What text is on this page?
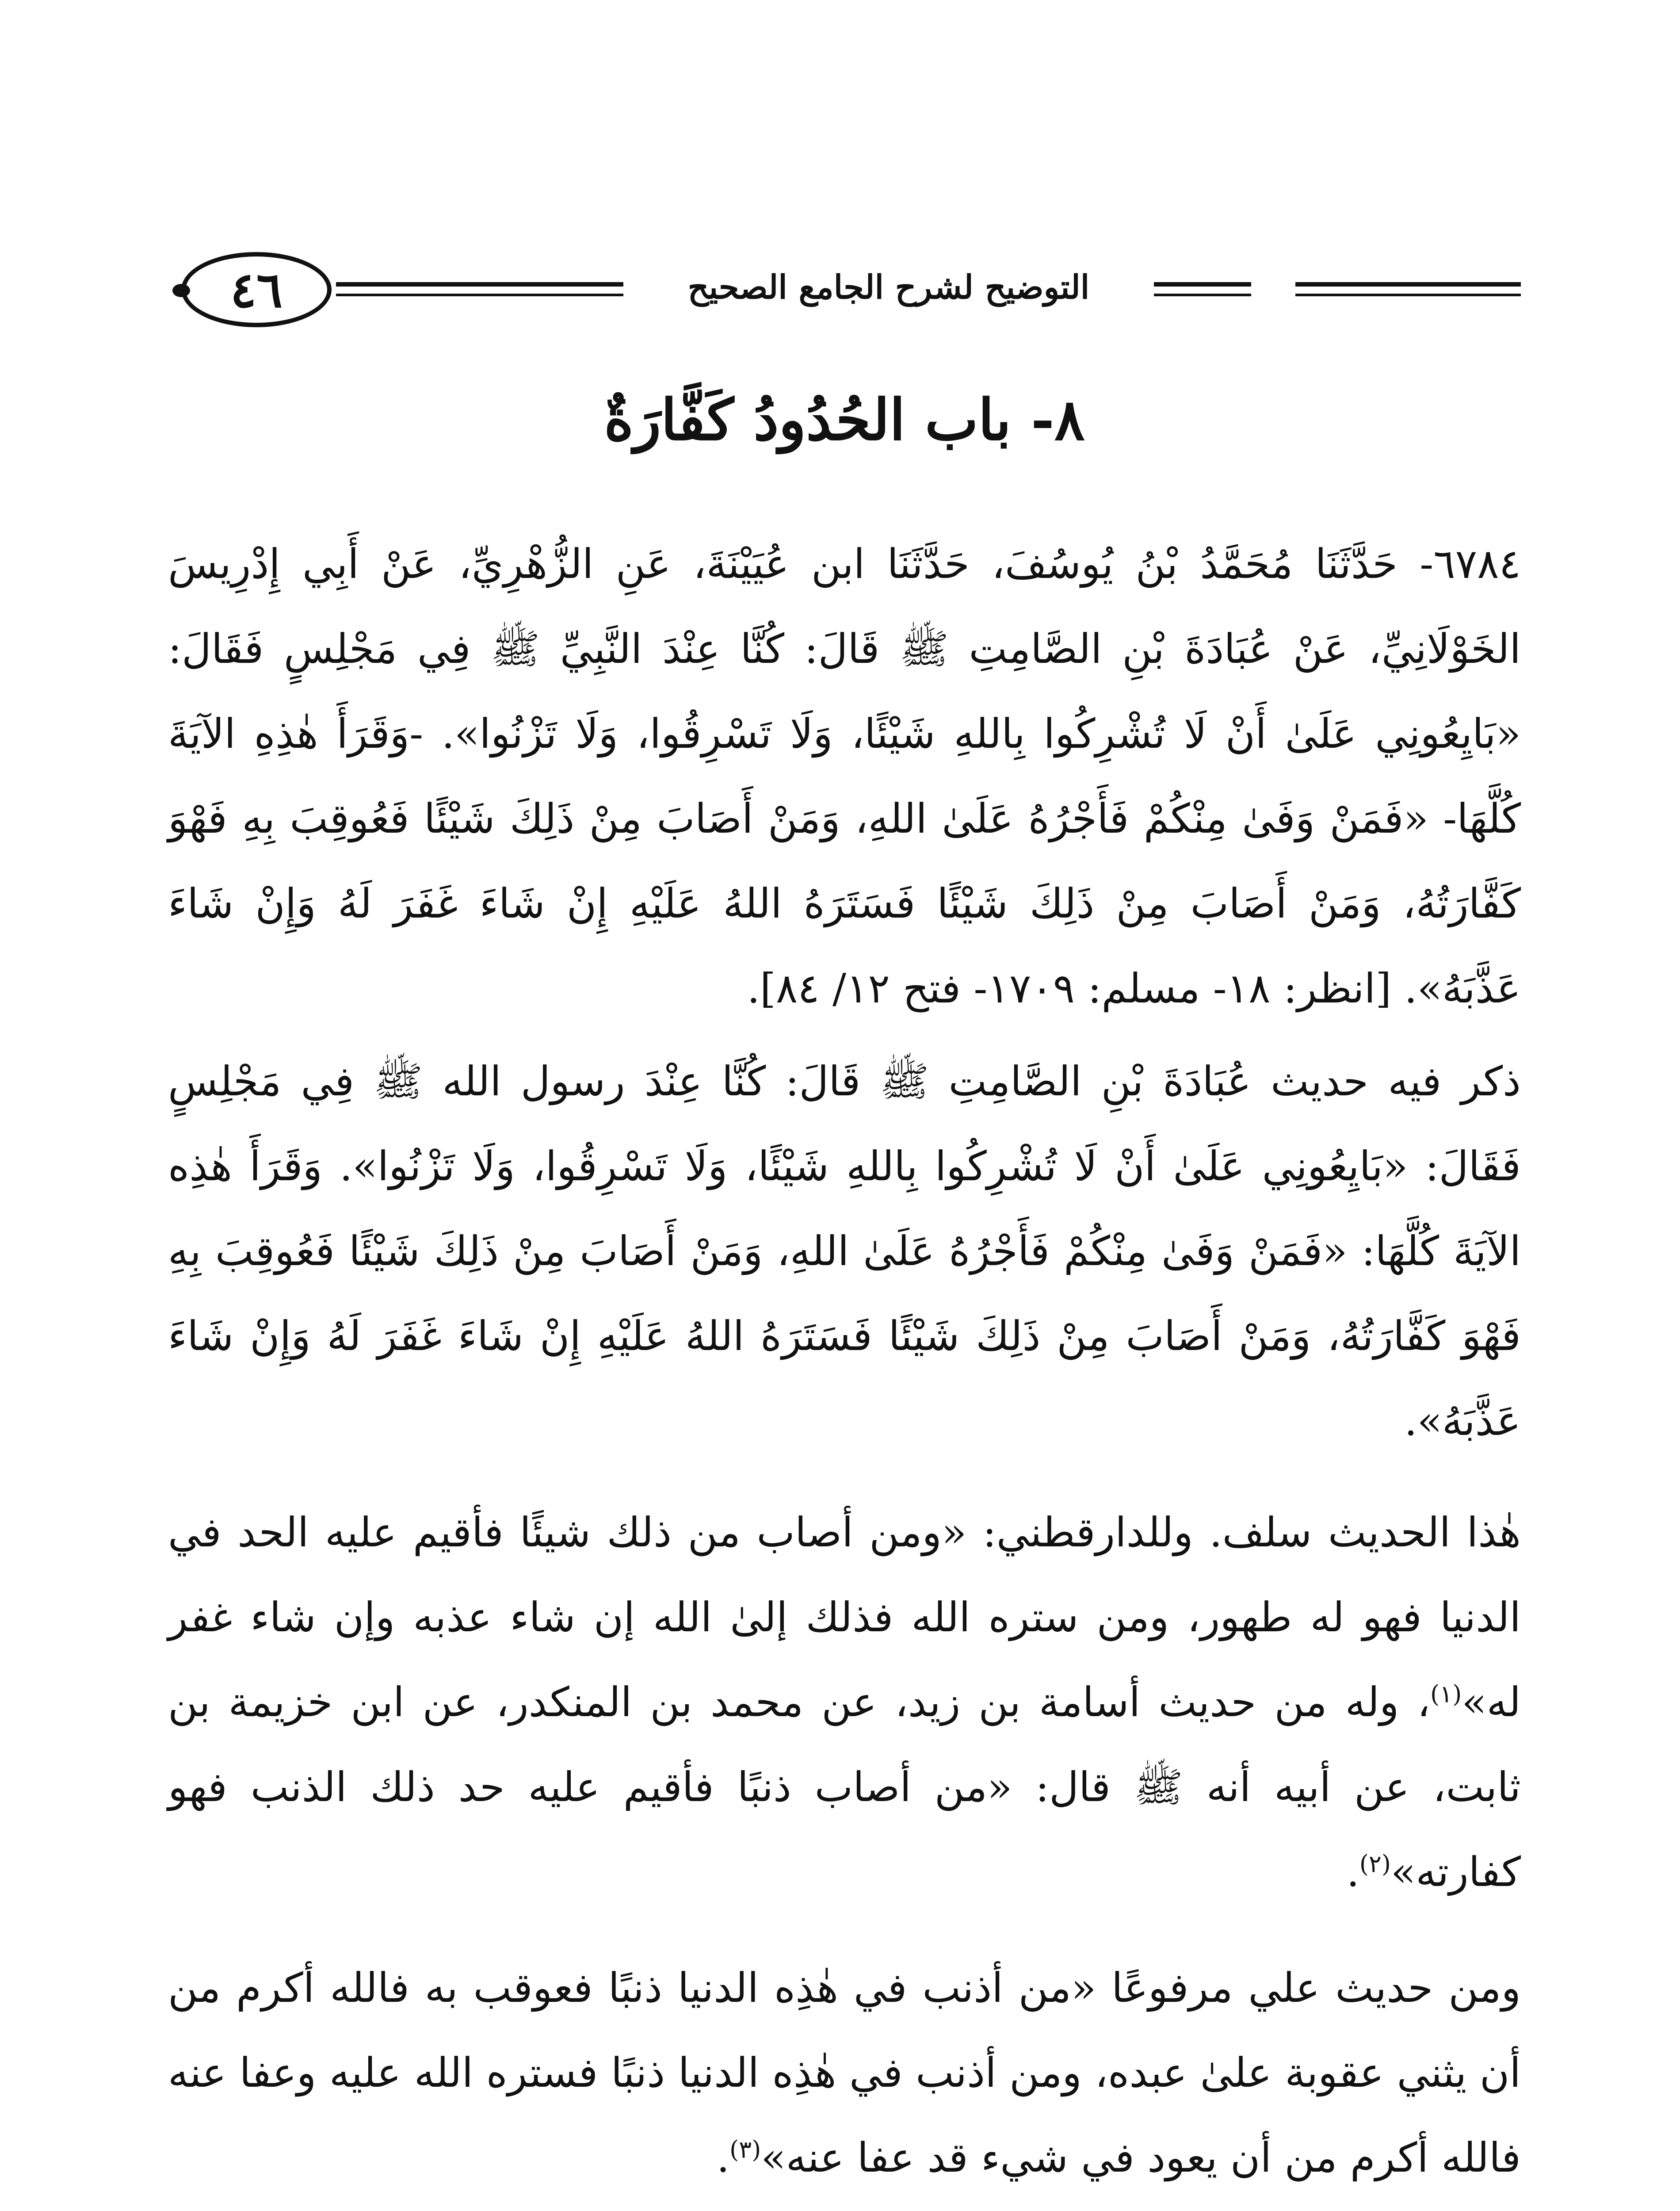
٤٦	التوضيح لشرح الجامع الصحيح
٨- باب الحُدُودُ كَفَّارَةٌ

٦٧٨٤- حَدَّثَنَا مُحَمَّدُ بْنُ يُوسُفَ، حَدَّثَنَا ابن عُيَيْنَةَ، عَنِ الزُّهْرِيِّ، عَنْ أَبِي إِدْرِيسَ الخَوْلَانِيِّ، عَنْ عُبَادَةَ بْنِ الصَّامِتِ ﷺ قَالَ: كُنَّا عِنْدَ النَّبِيِّ ﷺ فِي مَجْلِسٍ فَقَالَ: «بَايِعُونِي عَلَىٰ أَنْ لَا تُشْرِكُوا بِاللهِ شَيْئًا، وَلَا تَسْرِقُوا، وَلَا تَزْنُوا». -وَقَرَأَ هٰذِهِ الآيَةَ كُلَّهَا- «فَمَنْ وَفَىٰ مِنْكُمْ فَأَجْرُهُ عَلَىٰ اللهِ، وَمَنْ أَصَابَ مِنْ ذَلِكَ شَيْئًا فَعُوقِبَ بِهِ فَهْوَ كَفَّارَتُهُ، وَمَنْ أَصَابَ مِنْ ذَلِكَ شَيْئًا فَسَتَرَهُ اللهُ عَلَيْهِ إِنْ شَاءَ غَفَرَ لَهُ وَإِنْ شَاءَ عَذَّبَهُ». [انظر: ١٨- مسلم: ١٧٠٩- فتح ١٢/ ٨٤].

ذكر فيه حديث عُبَادَةَ بْنِ الصَّامِتِ ﷺ قَالَ: كُنَّا عِنْدَ رسول الله ﷺ فِي مَجْلِسٍ فَقَالَ: «بَايِعُونِي عَلَىٰ أَنْ لَا تُشْرِكُوا بِاللهِ شَيْئًا، وَلَا تَسْرِقُوا، وَلَا تَزْنُوا». وَقَرَأَ هٰذِه الآيَةَ كُلَّهَا: «فَمَنْ وَفَىٰ مِنْكُمْ فَأَجْرُهُ عَلَىٰ اللهِ، وَمَنْ أَصَابَ مِنْ ذَلِكَ شَيْئًا فَعُوقِبَ بِهِ فَهْوَ كَفَّارَتُهُ، وَمَنْ أَصَابَ مِنْ ذَلِكَ شَيْئًا فَسَتَرَهُ اللهُ عَلَيْهِ إِنْ شَاءَ غَفَرَ لَهُ وَإِنْ شَاءَ عَذَّبَهُ».

هٰذا الحديث سلف. وللدارقطني: «ومن أصاب من ذلك شيئًا فأقيم عليه الحد في الدنيا فهو له طهور، ومن ستره الله فذلك إلىٰ الله إن شاء عذبه وإن شاء غفر له»$^{(١)}$، وله من حديث أسامة بن زيد، عن محمد بن المنكدر، عن ابن خزيمة بن ثابت، عن أبيه أنه ﷺ قال: «من أصاب ذنبًا فأقيم عليه حد ذلك الذنب فهو كفارته»$^{(٢)}$.

ومن حديث علي مرفوعًا «من أذنب في هٰذِه الدنيا ذنبًا فعوقب به فالله أكرم من أن يثني عقوبة علىٰ عبده، ومن أذنب في هٰذِه الدنيا ذنبًا فستره الله عليه وعفا عنه فالله أكرم من أن يعود في شيء قد عفا عنه»$^{(٣)}$.
